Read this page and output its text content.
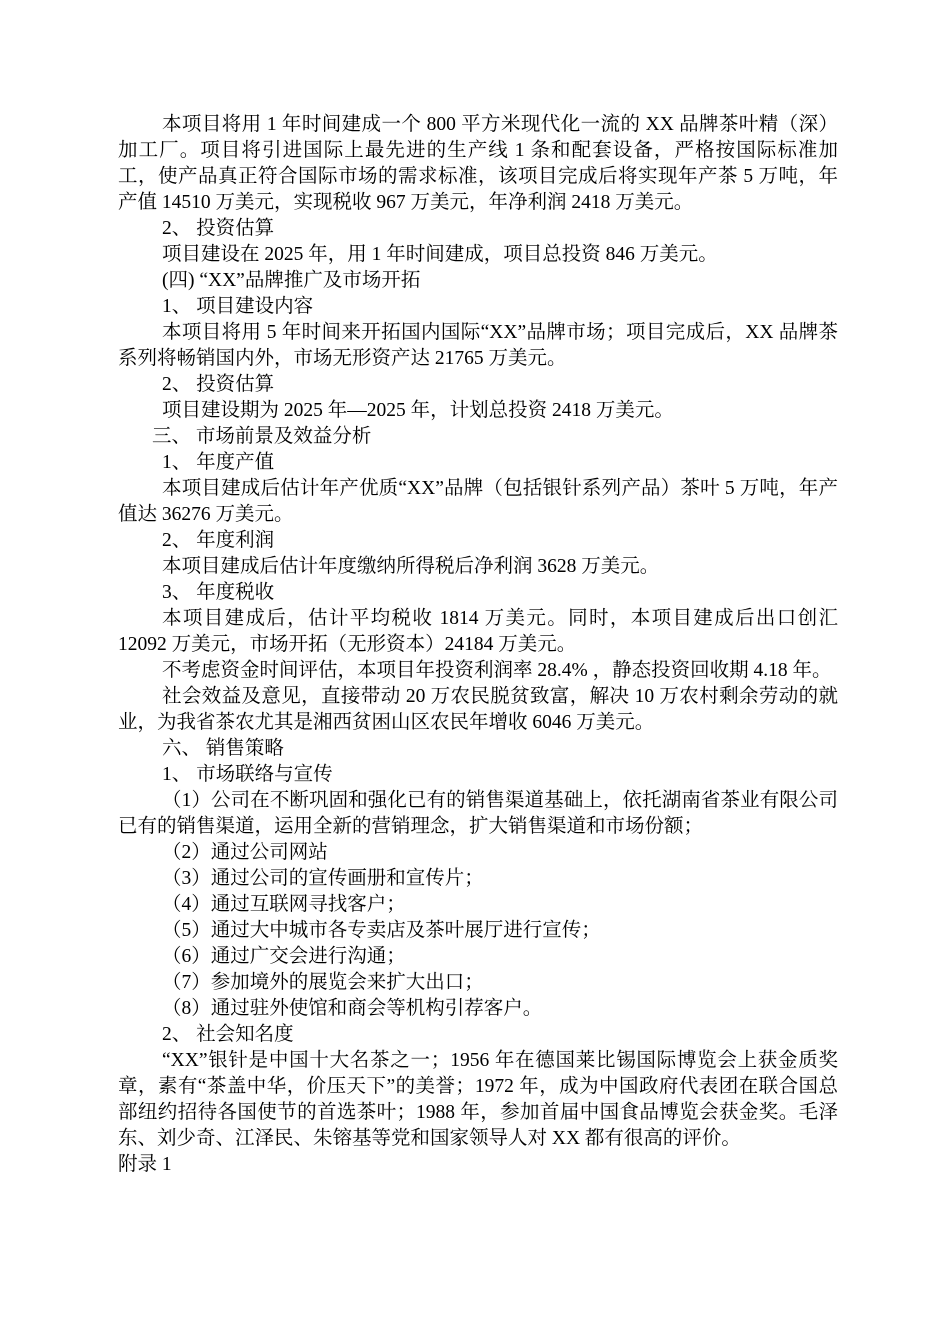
本项目将用 1 年时间建成一个 800 平方米现代化一流的 XX 品牌茶叶精（深）加工厂。项目将引进国际上最先进的生产线 1 条和配套设备，严格按国际标准加工，使产品真正符合国际市场的需求标准，该项目完成后将实现年产茶 5 万吨，年产值 14510 万美元，实现税收 967 万美元，年净利润 2418 万美元。

2、 投资估算

项目建设在 2025 年，用 1 年时间建成，项目总投资 846 万美元。

(四) “XX”品牌推广及市场开拓

1、 项目建设内容

本项目将用 5 年时间来开拓国内国际“XX”品牌市场；项目完成后，XX 品牌茶系列将畅销国内外，市场无形资产达 21765 万美元。

2、 投资估算

项目建设期为 2025 年—2025 年，计划总投资 2418 万美元。

三、 市场前景及效益分析

1、 年度产值

本项目建成后估计年产优质“XX”品牌（包括银针系列产品）茶叶 5 万吨，年产值达 36276 万美元。

2、 年度利润

本项目建成后估计年度缴纳所得税后净利润 3628 万美元。

3、 年度税收

本项目建成后，估计平均税收 1814 万美元。同时，本项目建成后出口创汇 12092 万美元，市场开拓（无形资本）24184 万美元。

不考虑资金时间评估，本项目年投资利润率 28.4% ，静态投资回收期 4.18 年。

社会效益及意见，直接带动 20 万农民脱贫致富，解决 10 万农村剩余劳动的就业，为我省茶农尤其是湘西贫困山区农民年增收 6046 万美元。

六、 销售策略

1、 市场联络与宣传

（1）公司在不断巩固和强化已有的销售渠道基础上，依托湖南省茶业有限公司已有的销售渠道，运用全新的营销理念，扩大销售渠道和市场份额；

（2）通过公司网站

（3）通过公司的宣传画册和宣传片；

（4）通过互联网寻找客户；

（5）通过大中城市各专卖店及茶叶展厅进行宣传；

（6）通过广交会进行沟通；

（7）参加境外的展览会来扩大出口；

（8）通过驻外使馆和商会等机构引荐客户。

2、 社会知名度

“XX”银针是中国十大名茶之一；1956 年在德国莱比锡国际博览会上获金质奖章，素有“茶盖中华，价压天下”的美誉；1972 年，成为中国政府代表团在联合国总部纽约招待各国使节的首选茶叶；1988 年，参加首届中国食品博览会获金奖。毛泽东、刘少奇、江泽民、朱镕基等党和国家领导人对 XX 都有很高的评价。

附录 1
